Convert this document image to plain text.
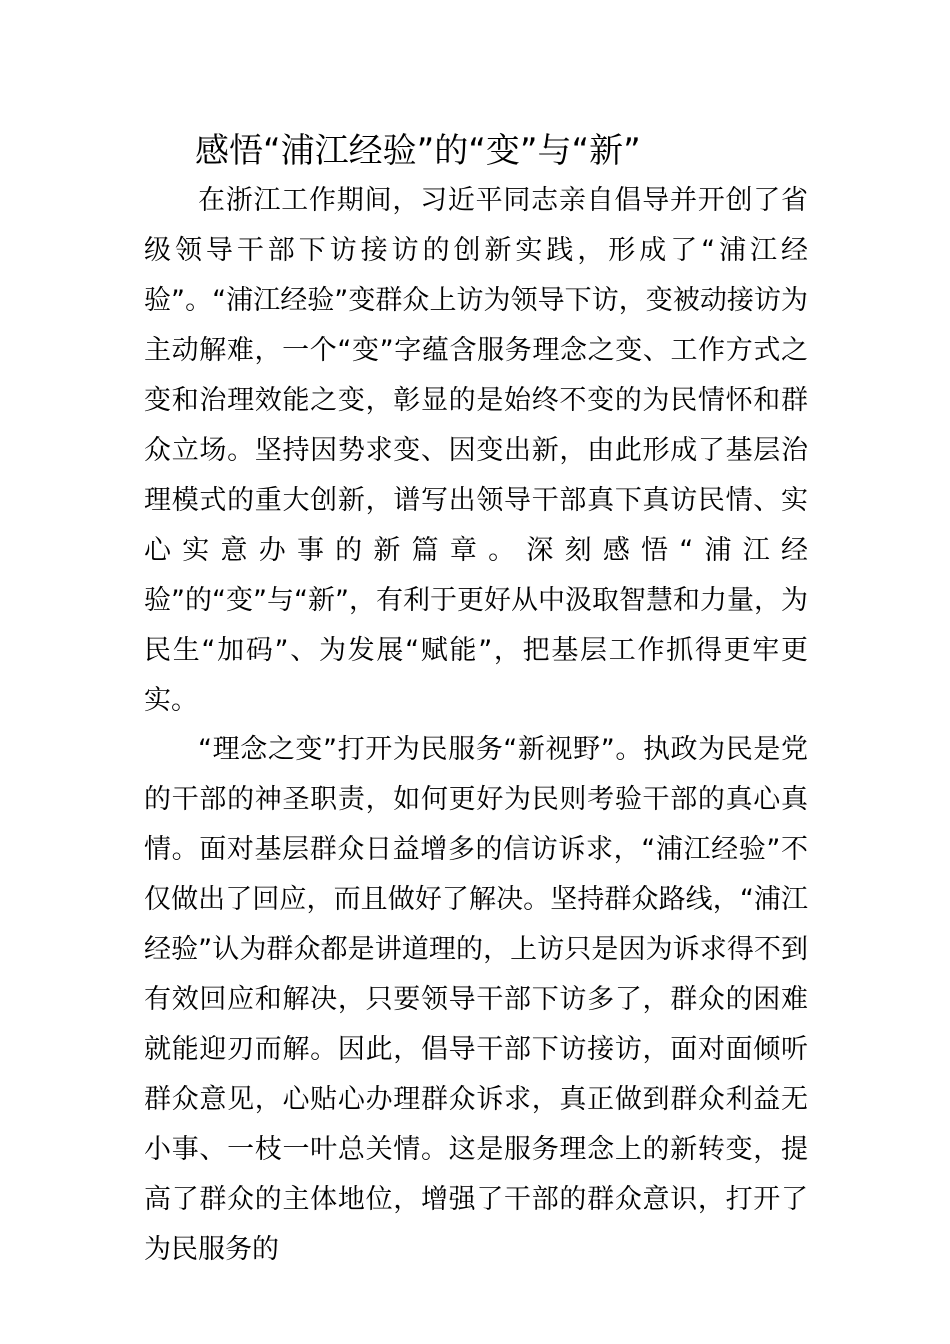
感悟“浦江经验”的“变”与“新”
在浙江工作期间，习近平同志亲自倡导并开创了省级领导干部下访接访的创新实践，形成了“浦江经验”。“浦江经验”变群众上访为领导下访，变被动接访为主动解难，一个“变”字蕴含服务理念之变、工作方式之变和治理效能之变，彰显的是始终不变的为民情怀和群众立场。坚持因势求变、因变出新，由此形成了基层治理模式的重大创新，谱写出领导干部真下真访民情、实心实意办事的新篇章。深刻感悟“浦江经验”的“变”与“新”，有利于更好从中汲取智慧和力量，为民生“加码”、为发展“赋能”，把基层工作抓得更牢更实。
“理念之变”打开为民服务“新视野”。执政为民是党的干部的神圣职责，如何更好为民则考验干部的真心真情。面对基层群众日益增多的信访诉求，“浦江经验”不仅做出了回应，而且做好了解决。坚持群众路线，“浦江经验”认为群众都是讲道理的，上访只是因为诉求得不到有效回应和解决，只要领导干部下访多了，群众的困难就能迎刃而解。因此，倡导干部下访接访，面对面倾听群众意见，心贴心办理群众诉求，真正做到群众利益无小事、一枝一叶总关情。这是服务理念上的新转变，提高了群众的主体地位，增强了干部的群众意识，打开了为民服务的
